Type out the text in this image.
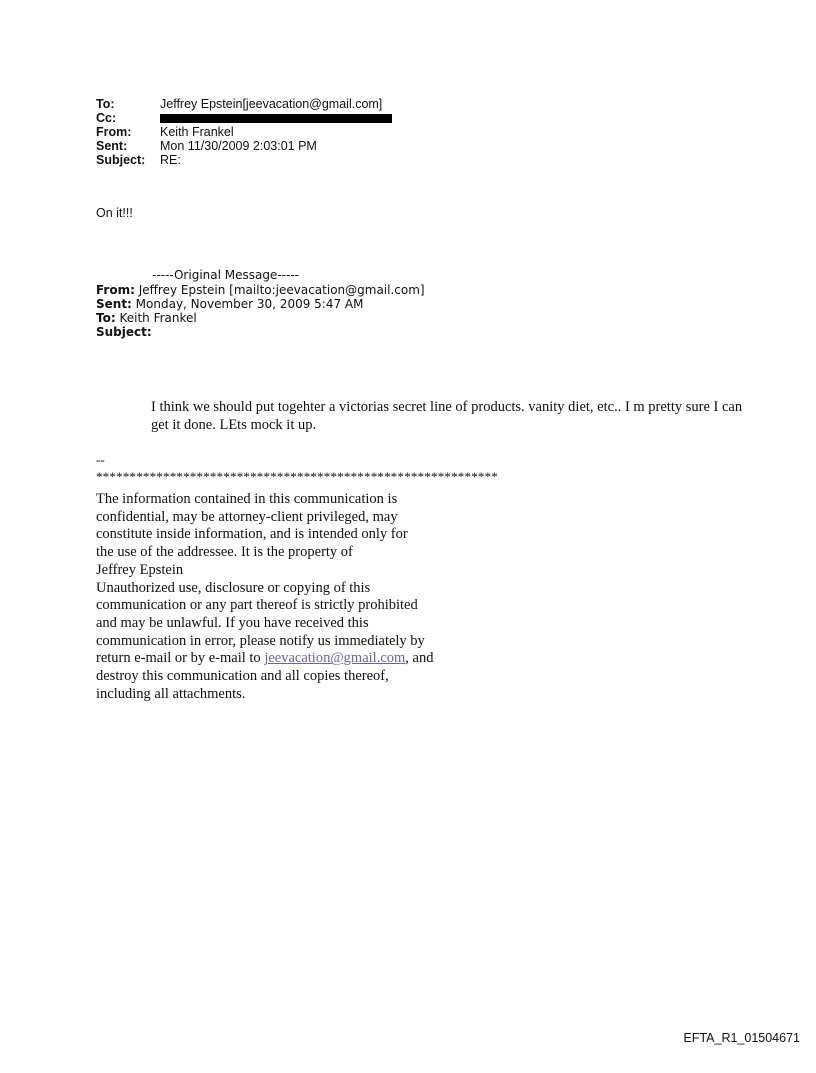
To:	Jeffrey Epstein[jeevacation@gmail.com]
Cc:
From:	Keith Frankel
Sent:	Mon 11/30/2009 2:03:01 PM
Subject:	RE:
On it!!!
-----Original Message-----
From: Jeffrey Epstein [mailto:jeevacation@gmail.com]
Sent: Monday, November 30, 2009 5:47 AM
To: Keith Frankel
Subject:
I think we should put togehter a victorias secret line of products. vanity diet, etc.. I m pretty sure I can get it done. LEts mock it up.
--
************************************************************
The information contained in this communication is
confidential, may be attorney-client privileged, may
constitute inside information, and is intended only for
the use of the addressee. It is the property of
Jeffrey Epstein
Unauthorized use, disclosure or copying of this
communication or any part thereof is strictly prohibited
and may be unlawful. If you have received this
communication in error, please notify us immediately by
return e-mail or by e-mail to jeevacation@gmail.com, and
destroy this communication and all copies thereof,
including all attachments.
EFTA_R1_01504671
